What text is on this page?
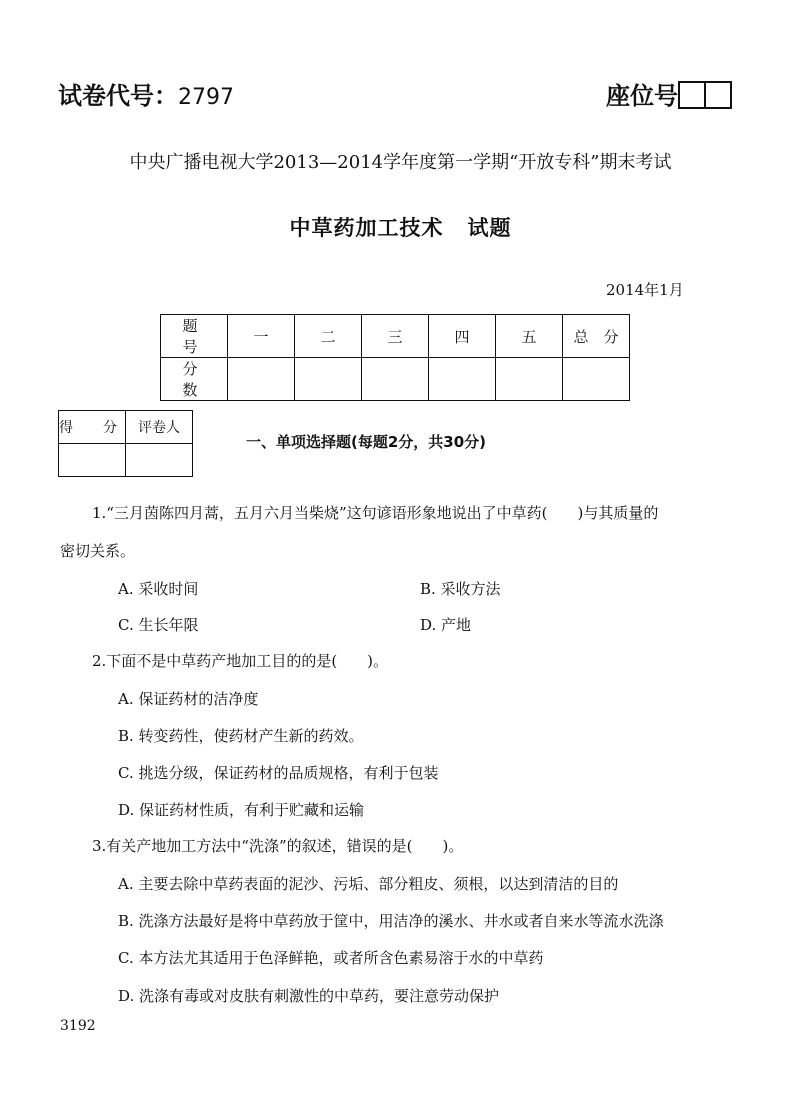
试卷代号：2797	座位号
中央广播电视大学2013—2014学年度第一学期“开放专科”期末考试
中草药加工技术 试题
2014年1月
题　号	一	二	三	四	五	总　分
分　数						
得　分	评卷人

一、单项选择题(每题2分，共30分)
1.“三月茵陈四月蒿，五月六月当柴烧”这句谚语形象地说出了中草药(　　)与其质量的
密切关系。
A. 采收时间	B. 采收方法
C. 生长年限	D. 产地
2.下面不是中草药产地加工目的的是(　　)。
A. 保证药材的洁净度
B. 转变药性，使药材产生新的药效。
C. 挑选分级，保证药材的品质规格，有利于包装
D. 保证药材性质，有利于贮藏和运输
3.有关产地加工方法中“洗涤”的叙述，错误的是(　　)。
A. 主要去除中草药表面的泥沙、污垢、部分粗皮、须根，以达到清洁的目的
B. 洗涤方法最好是将中草药放于筐中，用洁净的溪水、井水或者自来水等流水洗涤
C. 本方法尤其适用于色泽鲜艳，或者所含色素易溶于水的中草药
D. 洗涤有毒或对皮肤有刺激性的中草药，要注意劳动保护
3192
